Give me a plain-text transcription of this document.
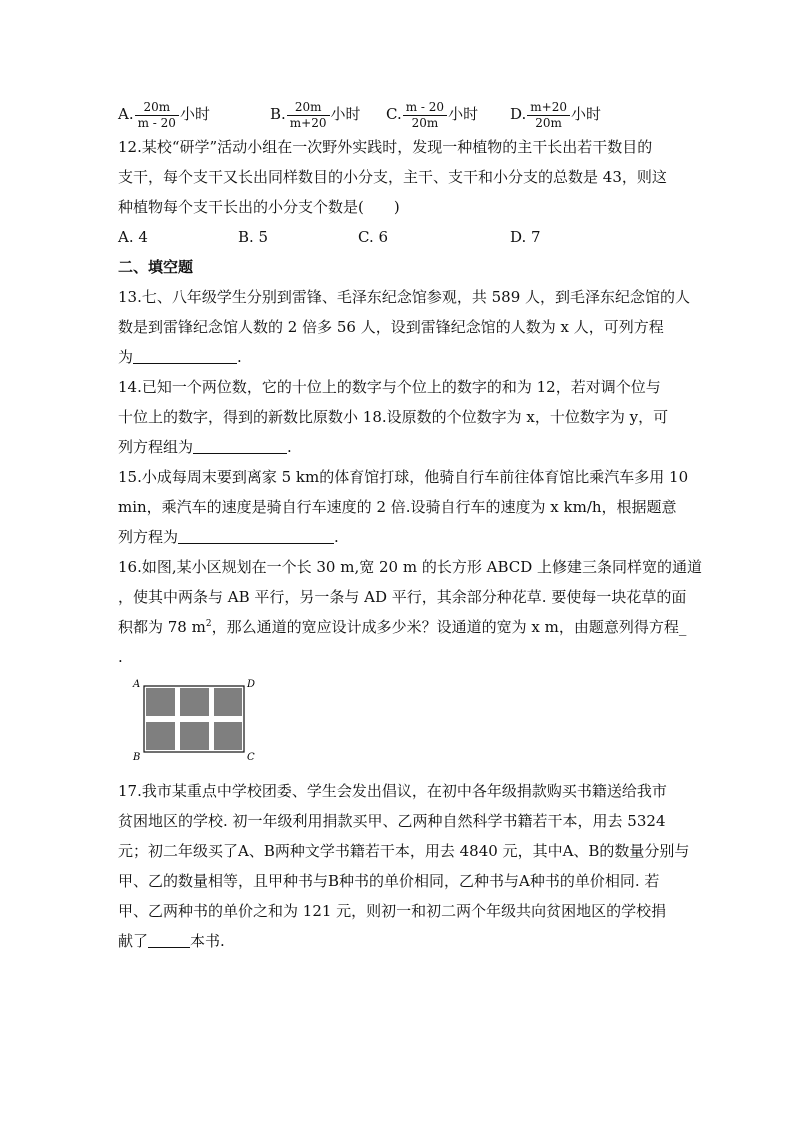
A. $\frac{20m}{m - 20}$ 小时	B. $\frac{20m}{m+20}$ 小时 C. $\frac{m - 20}{20m}$ 小时 D. $\frac{m+20}{20m}$ 小时
12.某校“研学”活动小组在一次野外实践时，发现一种植物的主干长出若干数目的
支干，每个支干又长出同样数目的小分支，主干、支干和小分支的总数是 43，则这
种植物每个支干长出的小分支个数是(　　)
A. 4	B. 5	C. 6	D. 7
二、填空题
13.七、八年级学生分别到雷锋、毛泽东纪念馆参观，共 589 人，到毛泽东纪念馆的人
数是到雷锋纪念馆人数的 2 倍多 56 人，设到雷锋纪念馆的人数为 x 人，可列方程
为	.
14.已知一个两位数，它的十位上的数字与个位上的数字的和为 12，若对调个位与
十位上的数字，得到的新数比原数小 18.设原数的个位数字为 x，十位数字为 y，可
列方程组为	.
15.小成每周末要到离家 5 km的体育馆打球，他骑自行车前往体育馆比乘汽车多用 10
min，乘汽车的速度是骑自行车速度的 2 倍.设骑自行车的速度为 x km/h，根据题意
列方程为	.
16.如图,某小区规划在一个长 30 m,宽 20 m 的长方形 ABCD 上修建三条同样宽的通道
，使其中两条与 AB 平行，另一条与 AD 平行，其余部分种花草. 要使每一块花草的面
积都为 78 $m^2$，那么通道的宽应设计成多少米？设通道的宽为 x m，由题意列得方程_
.
A	D
B	C
17.我市某重点中学校团委、学生会发出倡议，在初中各年级捐款购买书籍送给我市
贫困地区的学校. 初一年级利用捐款买甲、乙两种自然科学书籍若干本，用去 5324
元；初二年级买了A、B两种文学书籍若干本，用去 4840 元，其中A、B的数量分别与
甲、乙的数量相等，且甲种书与B种书的单价相同，乙种书与A种书的单价相同. 若
甲、乙两种书的单价之和为 121 元，则初一和初二两个年级共向贫困地区的学校捐
献了	本书.
